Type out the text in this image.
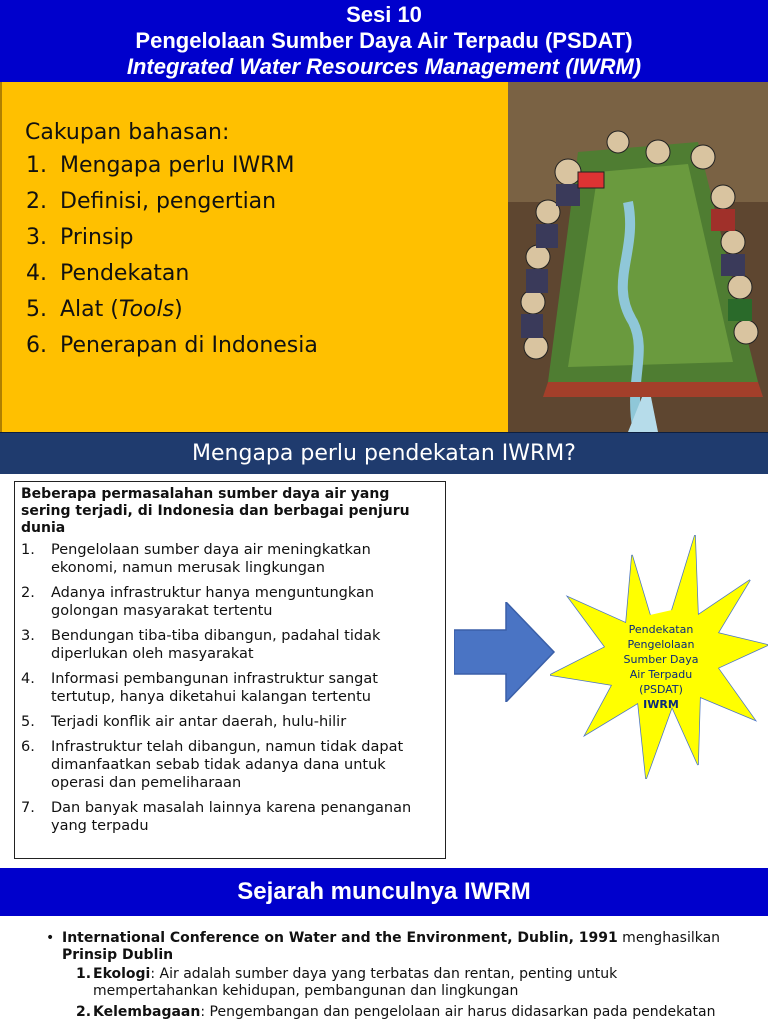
Sesi 10
Pengelolaan Sumber Daya Air Terpadu (PSDAT)
Integrated Water Resources Management (IWRM)
Cakupan bahasan:
1. Mengapa perlu IWRM
2. Definisi, pengertian
3. Prinsip
4. Pendekatan
5. Alat (Tools)
6. Penerapan di Indonesia
Mengapa perlu pendekatan IWRM?
Beberapa permasalahan sumber daya air yang sering terjadi, di Indonesia dan berbagai penjuru dunia
1.	Pengelolaan sumber daya air meningkatkan ekonomi, namun merusak lingkungan
2.	Adanya infrastruktur hanya menguntungkan golongan masyarakat tertentu
3.	Bendungan tiba-tiba dibangun, padahal tidak diperlukan oleh masyarakat
4.	Informasi pembangunan infrastruktur sangat tertutup, hanya diketahui kalangan tertentu
5.	Terjadi konflik air antar daerah, hulu-hilir
6.	Infrastruktur telah dibangun, namun tidak dapat dimanfaatkan sebab tidak adanya dana untuk operasi dan pemeliharaan
7.	Dan banyak masalah lainnya karena penanganan yang terpadu
Pendekatan
Pengelolaan
Sumber Daya
Air Terpadu
(PSDAT)
IWRM
Sejarah munculnya IWRM
• International Conference on Water and the Environment, Dublin, 1991 menghasilkan
Prinsip Dublin
1. Ekologi: Air adalah sumber daya yang terbatas dan rentan, penting untuk mempertahankan kehidupan, pembangunan dan lingkungan
2. Kelembagaan: Pengembangan dan pengelolaan air harus didasarkan pada pendekatan
